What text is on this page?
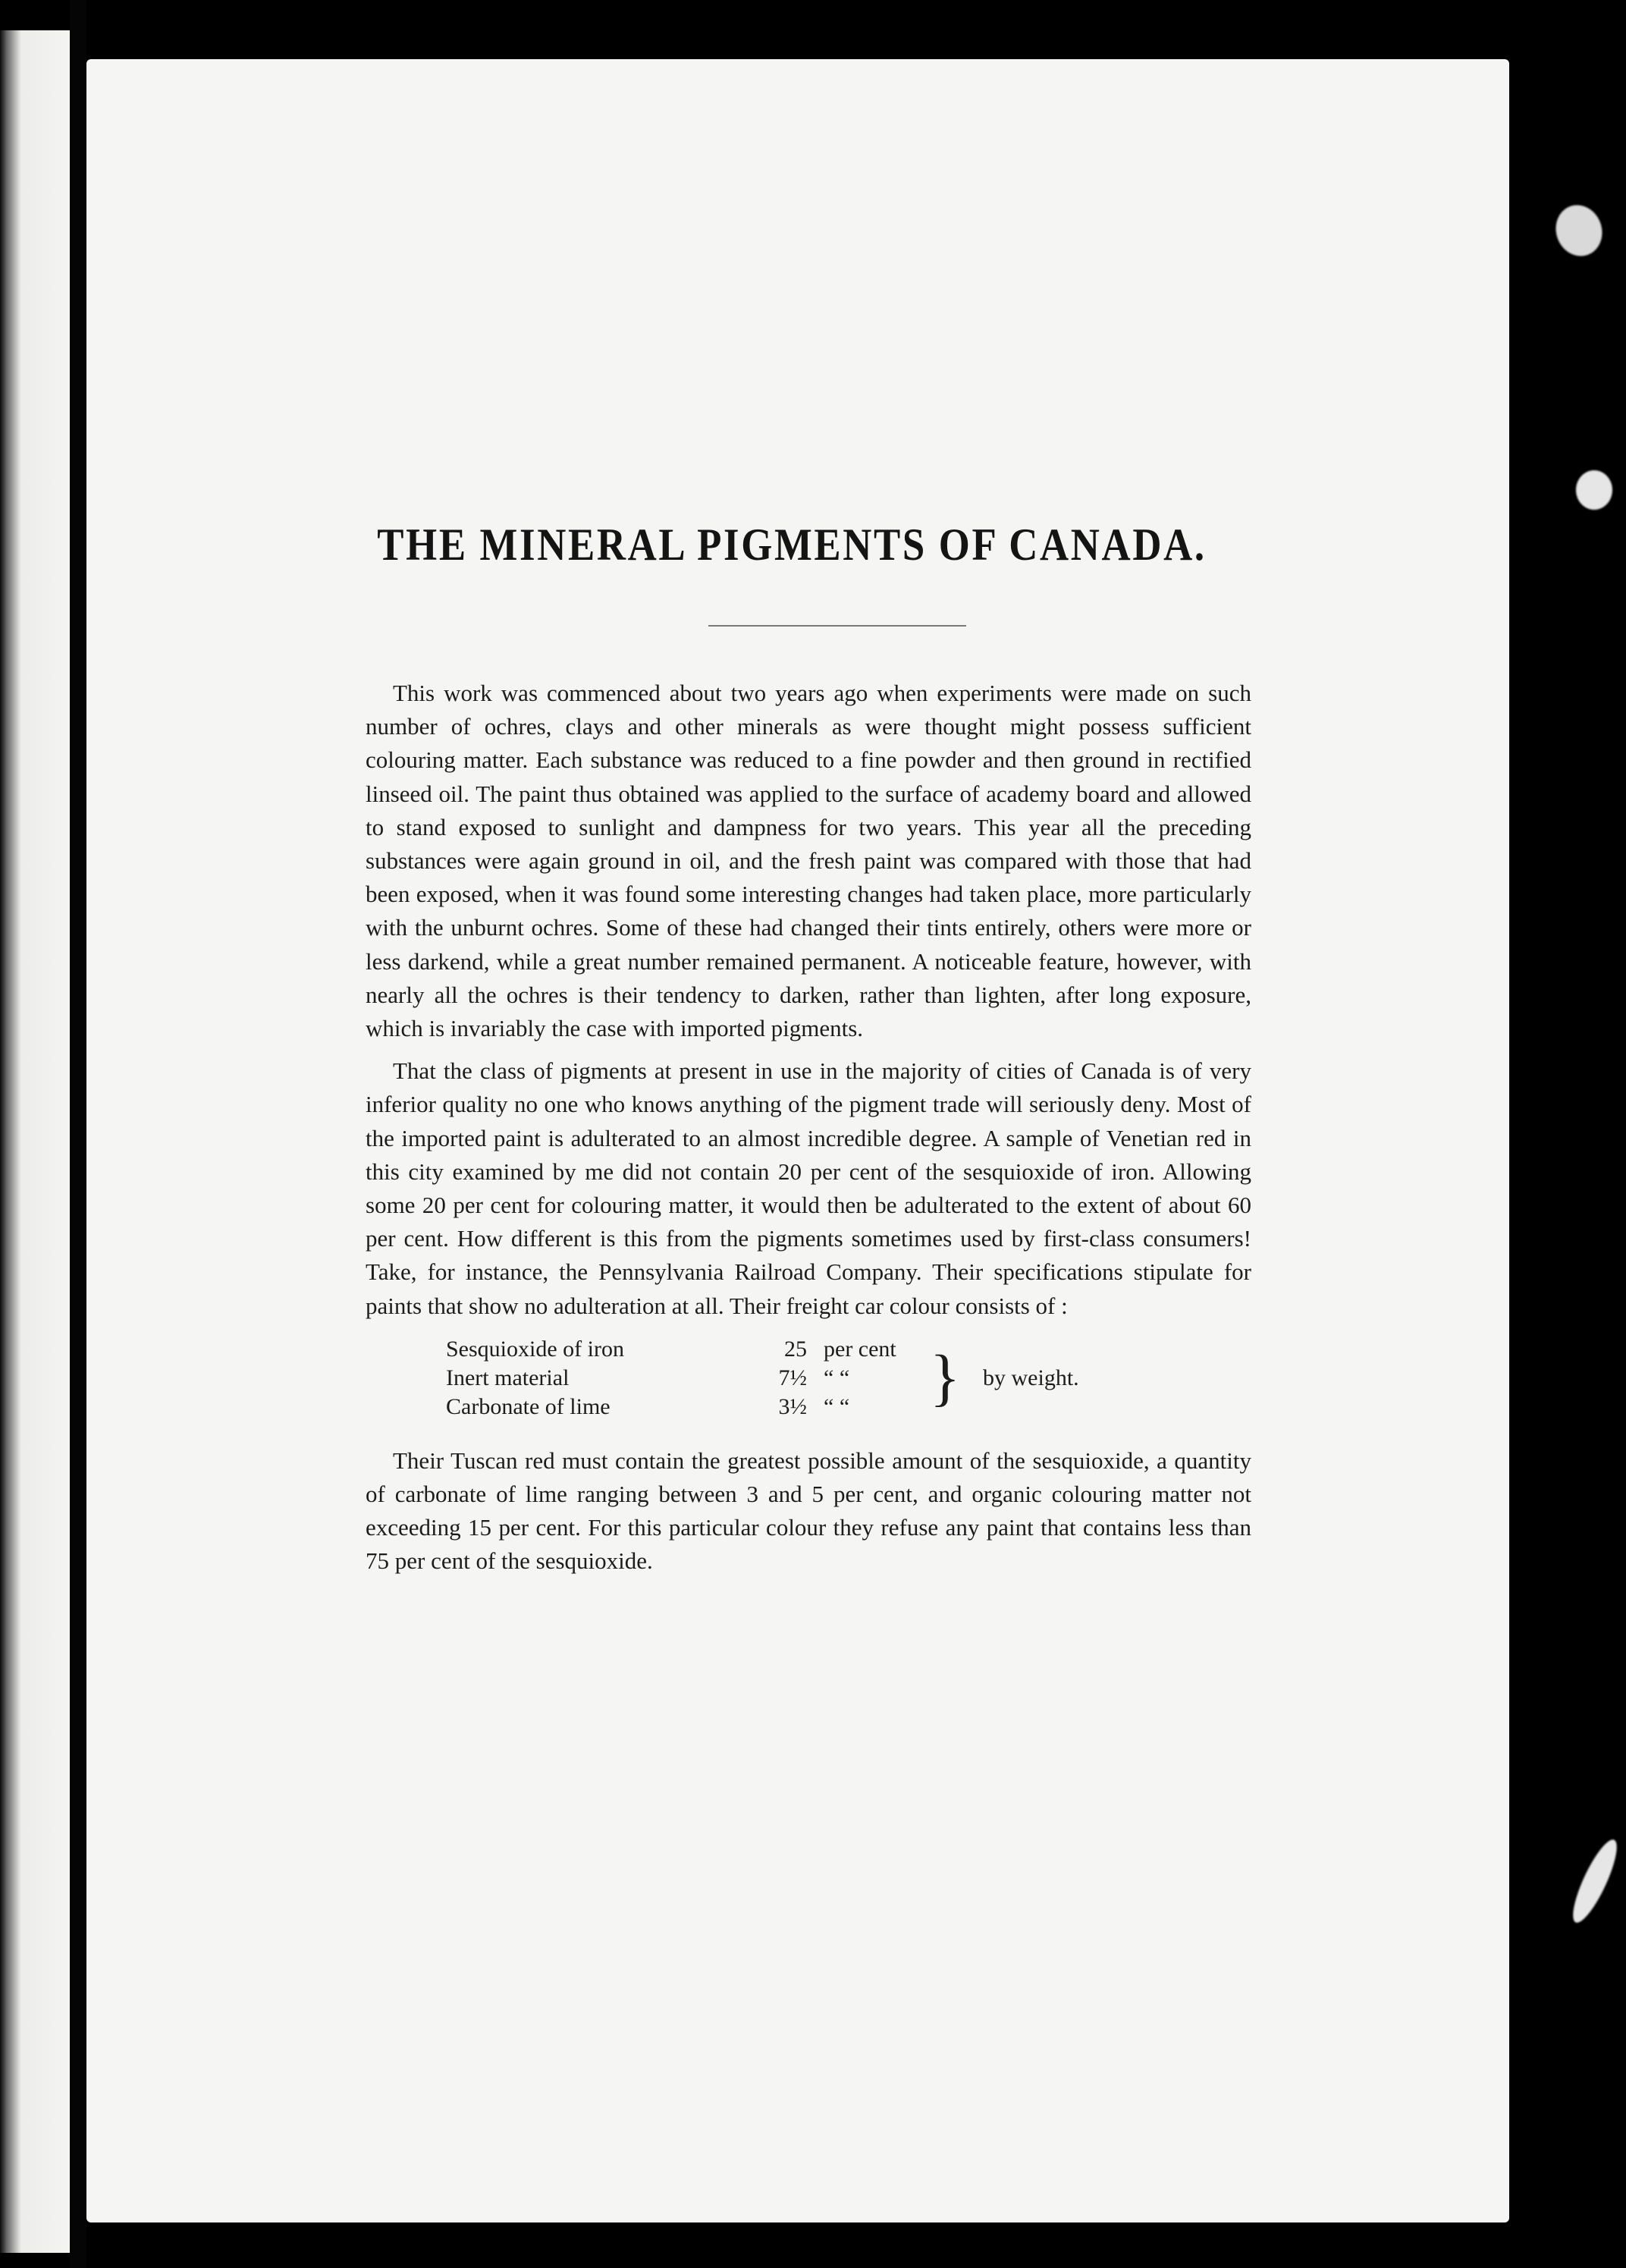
THE MINERAL PIGMENTS OF CANADA.

This work was commenced about two years ago when experiments were made on such number of ochres, clays and other minerals as were thought might possess sufficient colouring matter. Each substance was reduced to a fine powder and then ground in rectified linseed oil. The paint thus obtained was applied to the surface of academy board and allowed to stand exposed to sunlight and dampness for two years. This year all the preceding substances were again ground in oil, and the fresh paint was compared with those that had been exposed, when it was found some interesting changes had taken place, more particularly with the unburnt ochres. Some of these had changed their tints entirely, others were more or less darkend, while a great number remained permanent. A noticeable feature, however, with nearly all the ochres is their tendency to darken, rather than lighten, after long exposure, which is invariably the case with imported pigments.

That the class of pigments at present in use in the majority of cities of Canada is of very inferior quality no one who knows anything of the pigment trade will seriously deny. Most of the imported paint is adulterated to an almost incredible degree. A sample of Venetian red in this city examined by me did not contain 20 per cent of the sesquioxide of iron. Allowing some 20 per cent for colouring matter, it would then be adulterated to the extent of about 60 per cent. How different is this from the pigments sometimes used by first-class consumers! Take, for instance, the Pennsylvania Railroad Company. Their specifications stipulate for paints that show no adulteration at all. Their freight car colour consists of :

Sesquioxide of iron	25	per cent	}	by weight.
Inert material	7½	“ “		
Carbonate of lime	3½	“ “		

Their Tuscan red must contain the greatest possible amount of the sesquioxide, a quantity of carbonate of lime ranging between 3 and 5 per cent, and organic colouring matter not exceeding 15 per cent. For this particular colour they refuse any paint that contains less than 75 per cent of the sesquioxide.
